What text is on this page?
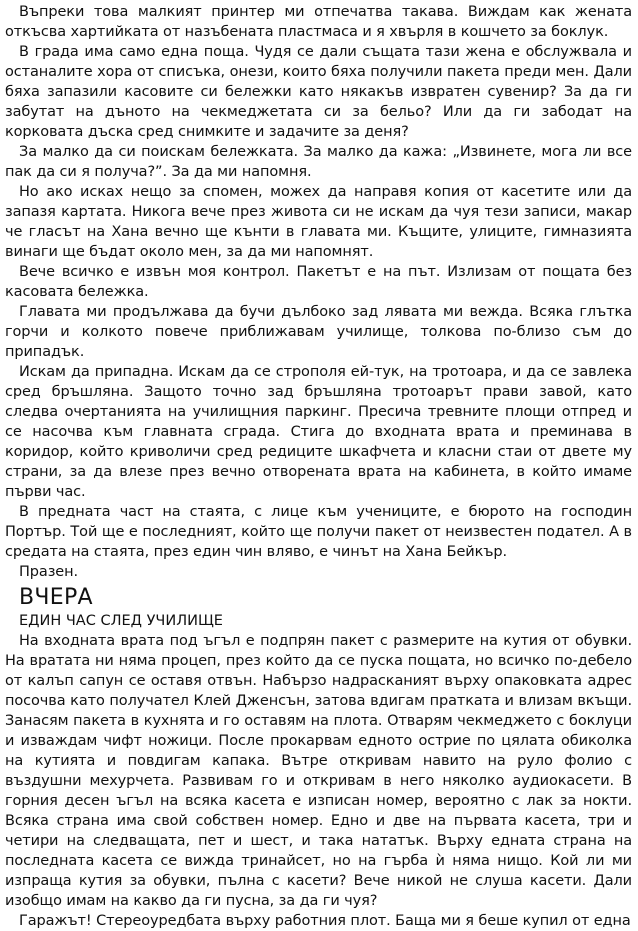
Въпреки това малкият принтер ми отпечатва такава. Виждам как жената откъсва хартийката от назъбената пластмаса и я хвърля в кошчето за боклук.

В града има само една поща. Чудя се дали същата тази жена е обслужвала и останалите хора от списъка, онези, които бяха получили пакета преди мен. Дали бяха запазили касовите си бележки като някакъв извратен сувенир? За да ги забутат на дъното на чекмеджетата си за бельо? Или да ги забодат на корковата дъска сред снимките и задачите за деня?

За малко да си поискам бележката. За малко да кажа: „Извинете, мога ли все пак да си я получа?”. За да ми напомня.

Но ако исках нещо за спомен, можех да направя копия от касетите или да запазя картата. Никога вече през живота си не искам да чуя тези записи, макар че гласът на Хана вечно ще кънти в главата ми. Къщите, улиците, гимназията винаги ще бъдат около мен, за да ми напомнят.

Вече всичко е извън моя контрол. Пакетът е на път. Излизам от пощата без касовата бележка.

Главата ми продължава да бучи дълбоко зад лявата ми вежда. Всяка глътка горчи и колкото повече приближавам училище, толкова по-близо съм до припадък.

Искам да припадна. Искам да се строполя ей-тук, на тротоара, и да се завлека сред бръшляна. Защото точно зад бръшляна тротоарът прави завой, като следва очертанията на училищния паркинг. Пресича тревните площи отпред и се насочва към главната сграда. Стига до входната врата и преминава в коридор, който криволичи сред редиците шкафчета и класни стаи от двете му страни, за да влезе през вечно отворената врата на кабинета, в който имаме първи час.

В предната част на стаята, с лице към учениците, е бюрото на господин Портър. Той ще е последният, който ще получи пакет от неизвестен подател. А в средата на стаята, през един чин вляво, е чинът на Хана Бейкър.

Празен.

ВЧЕРА
ЕДИН ЧАС СЛЕД УЧИЛИЩЕ

На входната врата под ъгъл е подпрян пакет с размерите на кутия от обувки. На вратата ни няма процеп, през който да се пуска пощата, но всичко по-дебело от калъп сапун се оставя отвън. Набързо надрасканият върху опаковката адрес посочва като получател Клей Дженсън, затова вдигам пратката и влизам вкъщи. Занасям пакета в кухнята и го оставям на плота. Отварям чекмеджето с боклуци и изваждам чифт ножици. После прокарвам едното острие по цялата обиколка на кутията и повдигам капака. Вътре откривам навито на руло фолио с въздушни мехурчета. Развивам го и откривам в него няколко аудиокасети. В горния десен ъгъл на всяка касета е изписан номер, вероятно с лак за нокти. Всяка страна има свой собствен номер. Едно и две на първата касета, три и четири на следващата, пет и шест, и така нататък. Върху едната страна на последната касета се вижда тринайсет, но на гърба ѝ няма нищо. Кой ли ми изпраща кутия за обувки, пълна с касети? Вече никой не слуша касети. Дали изобщо имам на какво да ги пусна, за да ги чуя?

Гаражът! Стереоуредбата върху работния плот. Баща ми я беше купил от една
